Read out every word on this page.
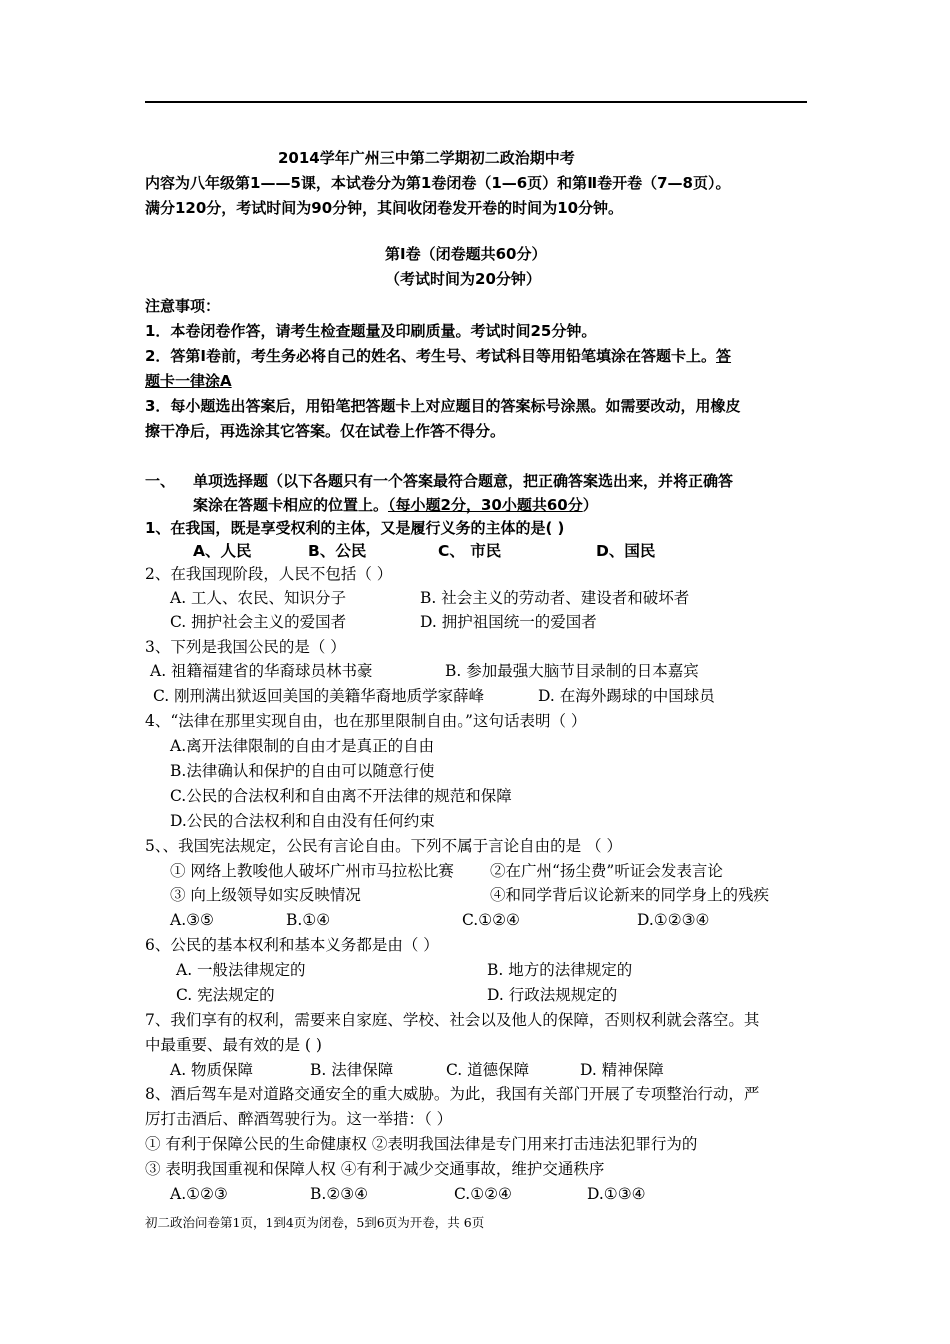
2014学年广州三中第二学期初二政治期中考
内容为八年级第1——5课，本试卷分为第1卷闭卷（1—6页）和第Ⅱ卷开卷（7—8页）。
满分120分，考试时间为90分钟，其间收闭卷发开卷的时间为10分钟。
第I卷（闭卷题共60分）
（考试时间为20分钟）
注意事项：
1．本卷闭卷作答，请考生检查题量及印刷质量。考试时间25分钟。
2．答第I卷前，考生务必将自己的姓名、考生号、考试科目等用铅笔填涂在答题卡上。答
题卡一律涂A
3．每小题选出答案后，用铅笔把答题卡上对应题目的答案标号涂黑。如需要改动，用橡皮
擦干净后，再选涂其它答案。仅在试卷上作答不得分。
一、 单项选择题（以下各题只有一个答案最符合题意，把正确答案选出来，并将正确答
案涂在答题卡相应的位置上。（每小题2分，30小题共60分）
1、在我国，既是享受权利的主体，又是履行义务的主体的是( )
A、人民	B、公民	C、 市民	D、国民
2、在我国现阶段，人民不包括（ ）
A. 工人、农民、知识分子	B. 社会主义的劳动者、建设者和破坏者
C. 拥护社会主义的爱国者	D. 拥护祖国统一的爱国者
3、下列是我国公民的是（ ）
A. 祖籍福建省的华裔球员林书豪	B. 参加最强大脑节目录制的日本嘉宾
C. 刚刑满出狱返回美国的美籍华裔地质学家薛峰	D. 在海外踢球的中国球员
4、“法律在那里实现自由，也在那里限制自由。”这句话表明（ ）
A.离开法律限制的自由才是真正的自由
B.法律确认和保护的自由可以随意行使
C.公民的合法权利和自由离不开法律的规范和保障
D.公民的合法权利和自由没有任何约束
5、、我国宪法规定，公民有言论自由。下列不属于言论自由的是 （ ）
① 网络上教唆他人破坏广州市马拉松比赛 ②在广州“扬尘费”听证会发表言论
③ 向上级领导如实反映情况	④和同学背后议论新来的同学身上的残疾
A.③⑤	B.①④	C.①②④	D.①②③④
6、公民的基本权利和基本义务都是由（ ）
A. 一般法律规定的	B. 地方的法律规定的
C. 宪法规定的	D. 行政法规规定的
7、我们享有的权利，需要来自家庭、学校、社会以及他人的保障，否则权利就会落空。其
中最重要、最有效的是 ( )
A. 物质保障	B. 法律保障	C. 道德保障	D. 精神保障
8、酒后驾车是对道路交通安全的重大威胁。为此，我国有关部门开展了专项整治行动，严
厉打击酒后、醉酒驾驶行为。这一举措：（ ）
① 有利于保障公民的生命健康权 ②表明我国法律是专门用来打击违法犯罪行为的
③ 表明我国重视和保障人权 ④有利于减少交通事故，维护交通秩序
A.①②③	B.②③④	C.①②④	D.①③④
初二政治问卷第1页，1到4页为闭卷，5到6页为开卷，共 6页
